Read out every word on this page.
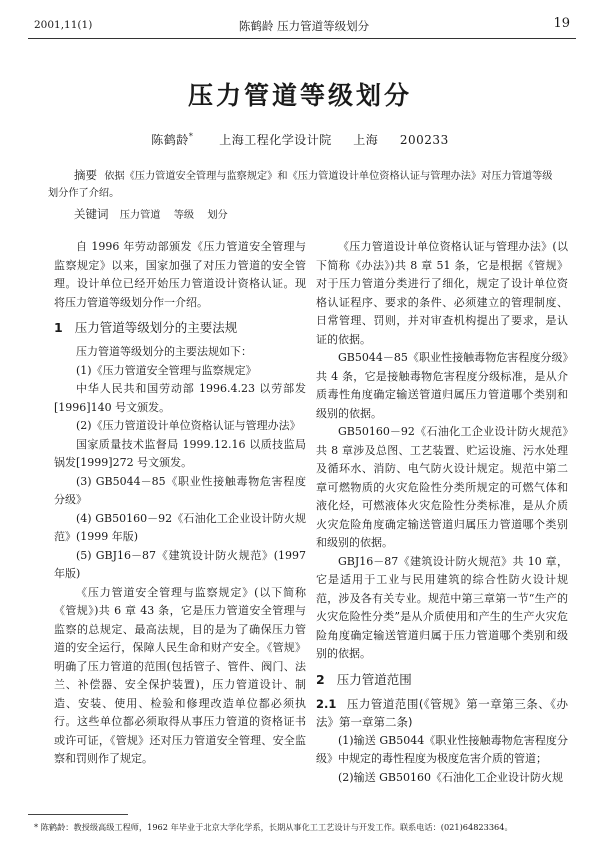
2001,11(1)	陈鹤龄 压力管道等级划分	19
压力管道等级划分
陈鹤龄* 上海工程化学设计院 上海 200233
摘要 依据《压力管道安全管理与监察规定》和《压力管道设计单位资格认证与管理办法》对压力管道等级划分作了介绍。
关键词 压力管道 等级 划分

自 1996 年劳动部颁发《压力管道安全管理与监察规定》以来，国家加强了对压力管道的安全管理。设计单位已经开始压力管道设计资格认证。现将压力管道等级划分作一介绍。

1 压力管道等级划分的主要法规

压力管道等级划分的主要法规如下：

(1)《压力管道安全管理与监察规定》

中华人民共和国劳动部 1996.4.23 以劳部发[1996]140 号文颁发。

(2)《压力管道设计单位资格认证与管理办法》

国家质量技术监督局 1999.12.16 以质技监局锅发[1999]272 号文颁发。

(3) GB5044－85《职业性接触毒物危害程度分级》

(4) GB50160－92《石油化工企业设计防火规范》(1999 年版)

(5) GBJ16－87《建筑设计防火规范》(1997 年版)

《压力管道安全管理与监察规定》(以下简称《管规》)共 6 章 43 条，它是压力管道安全管理与监察的总规定、最高法规，目的是为了确保压力管道的安全运行，保障人民生命和财产安全。《管规》明确了压力管道的范围(包括管子、管件、阀门、法兰、补偿器、安全保护装置)，压力管道设计、制造、安装、使用、检验和修理改造单位都必须执行。这些单位都必须取得从事压力管道的资格证书或许可证，《管规》还对压力管道安全管理、安全监察和罚则作了规定。

《压力管道设计单位资格认证与管理办法》(以下简称《办法》)共 8 章 51 条，它是根据《管规》对于压力管道分类进行了细化，规定了设计单位资格认证程序、要求的条件、必须建立的管理制度、日常管理、罚则，并对审查机构提出了要求，是认证的依据。

GB5044－85《职业性接触毒物危害程度分级》共 4 条，它是接触毒物危害程度分级标准，是从介质毒性角度确定输送管道归属压力管道哪个类别和级别的依据。

GB50160－92《石油化工企业设计防火规范》共 8 章涉及总图、工艺装置、贮运设施、污水处理及循环水、消防、电气防火设计规定。规范中第二章可燃物质的火灾危险性分类所规定的可燃气体和液化烃，可燃液体火灾危险性分类标准，是从介质火灾危险角度确定输送管道归属压力管道哪个类别和级别的依据。

GBJ16－87《建筑设计防火规范》共 10 章，它是适用于工业与民用建筑的综合性防火设计规范，涉及各有关专业。规范中第三章第一节“生产的火灾危险性分类”是从介质使用和产生的生产火灾危险角度确定输送管道归属于压力管道哪个类别和级别的依据。

2 压力管道范围

2.1 压力管道范围(《管规》第一章第三条、《办法》第一章第二条)

(1)输送 GB5044《职业性接触毒物危害程度分级》中规定的毒性程度为极度危害介质的管道；

(2)输送 GB50160《石油化工企业设计防火规

* 陈鹤龄：教授级高级工程师，1962 年毕业于北京大学化学系，长期从事化工工艺设计与开发工作。联系电话：(021)64823364。
